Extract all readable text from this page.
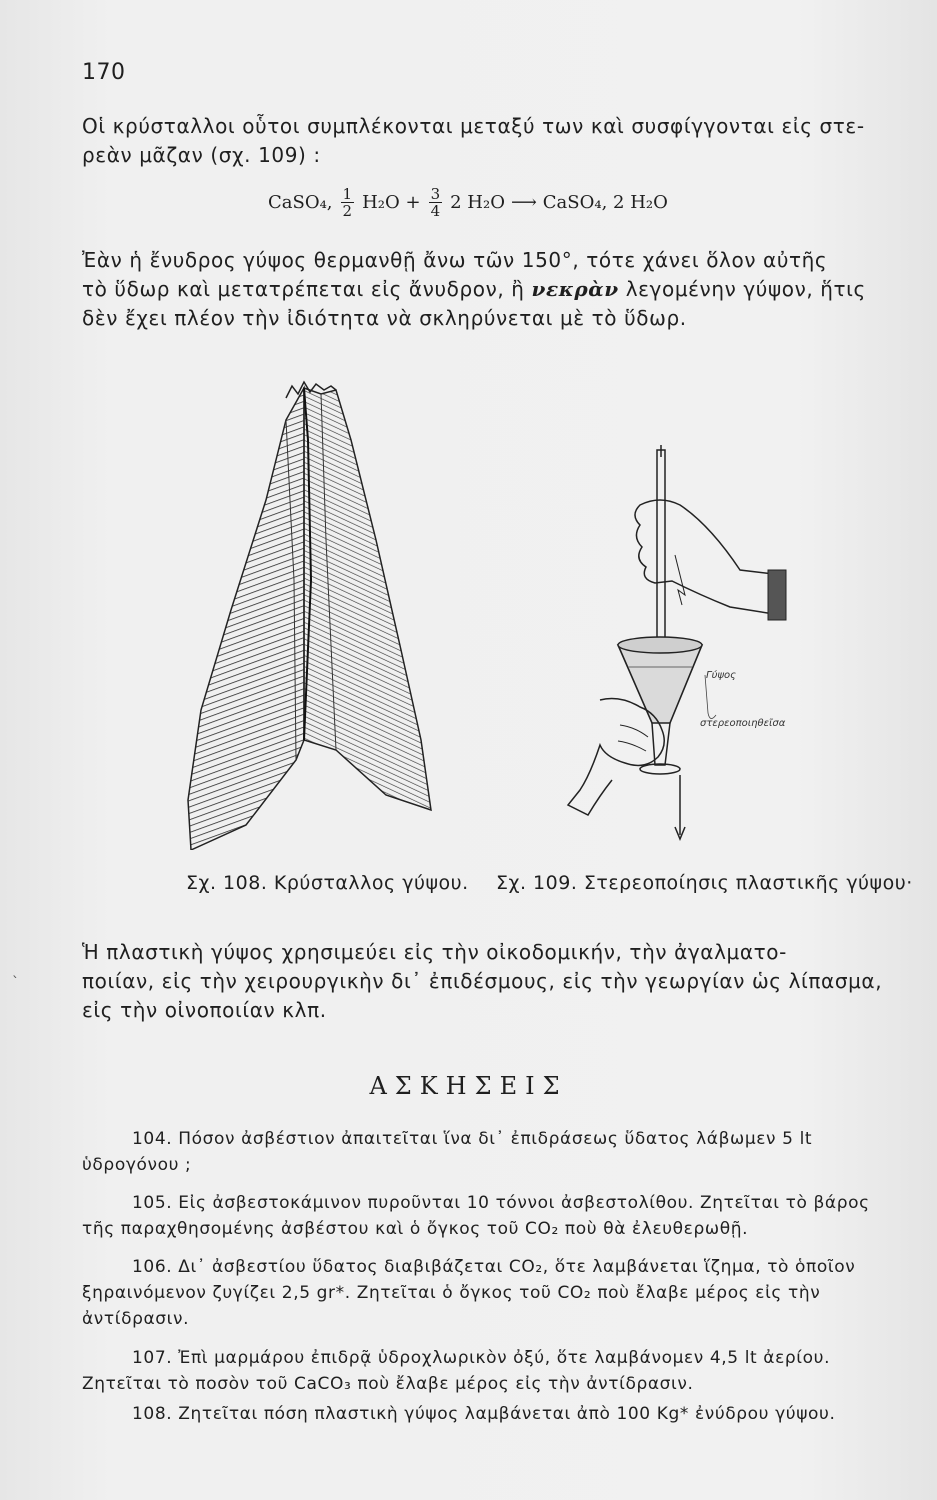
170
Οἱ κρύσταλλοι οὗτοι συμπλέκονται μεταξύ των καὶ συσφίγγονται εἰς στε-
ρεὰν μᾶζαν (σχ. 109) :
CaSO₄, $\frac{1}{2} H_2O + \frac{3}{4} 2$ H₂O ⟶ CaSO₄, 2 H₂O
Ἐὰν ἡ ἔνυδρος γύψος θερμανθῇ ἄνω τῶν 150°, τότε χάνει ὅλον αὐτῆς
τὸ ὕδωρ καὶ μετατρέπεται εἰς ἄνυδρον, ἢ νεκρὰν λεγομένην γύψον, ἥτις
δὲν ἔχει πλέον τὴν ἰδιότητα νὰ σκληρύνεται μὲ τὸ ὕδωρ.
Γύψος
στερεοποιηθεῖσα
Σχ. 108. Κρύσταλλος γύψου. Σχ. 109. Στερεοποίησις πλαστικῆς γύψου·
Ἡ πλαστικὴ γύψος χρησιμεύει εἰς τὴν οἰκοδομικήν, τὴν ἀγαλματο-
ποιίαν, εἰς τὴν χειρουργικὴν δι᾽ ἐπιδέσμους, εἰς τὴν γεωργίαν ὡς λίπασμα,
εἰς τὴν οἰνοποιίαν κλπ.
ΑΣΚΗΣΕΙΣ
104. Πόσον ἀσβέστιον ἀπαιτεῖται ἵνα δι᾽ ἐπιδράσεως ὕδατος λάβωμεν 5 lt
ὑδρογόνου ;
105. Εἰς ἀσβεστοκάμινον πυροῦνται 10 τόννοι ἀσβεστολίθου. Ζητεῖται τὸ βάρος
τῆς παραχθησομένης ἀσβέστου καὶ ὁ ὄγκος τοῦ CO₂ ποὺ θὰ ἐλευθερωθῇ.
106. Δι᾽ ἀσβεστίου ὕδατος διαβιβάζεται CO₂, ὅτε λαμβάνεται ἵζημα, τὸ ὁποῖον
ξηραινόμενον ζυγίζει 2,5 gr*. Ζητεῖται ὁ ὄγκος τοῦ CO₂ ποὺ ἔλαβε μέρος εἰς τὴν
ἀντίδρασιν.
107. Ἐπὶ μαρμάρου ἐπιδρᾷ ὑδροχλωρικὸν ὀξύ, ὅτε λαμβάνομεν 4,5 lt ἀερίου.
Ζητεῖται τὸ ποσὸν τοῦ CaCO₃ ποὺ ἔλαβε μέρος εἰς τὴν ἀντίδρασιν.
108. Ζητεῖται πόση πλαστικὴ γύψος λαμβάνεται ἀπὸ 100 Kg* ἐνύδρου γύψου.
ˋ
